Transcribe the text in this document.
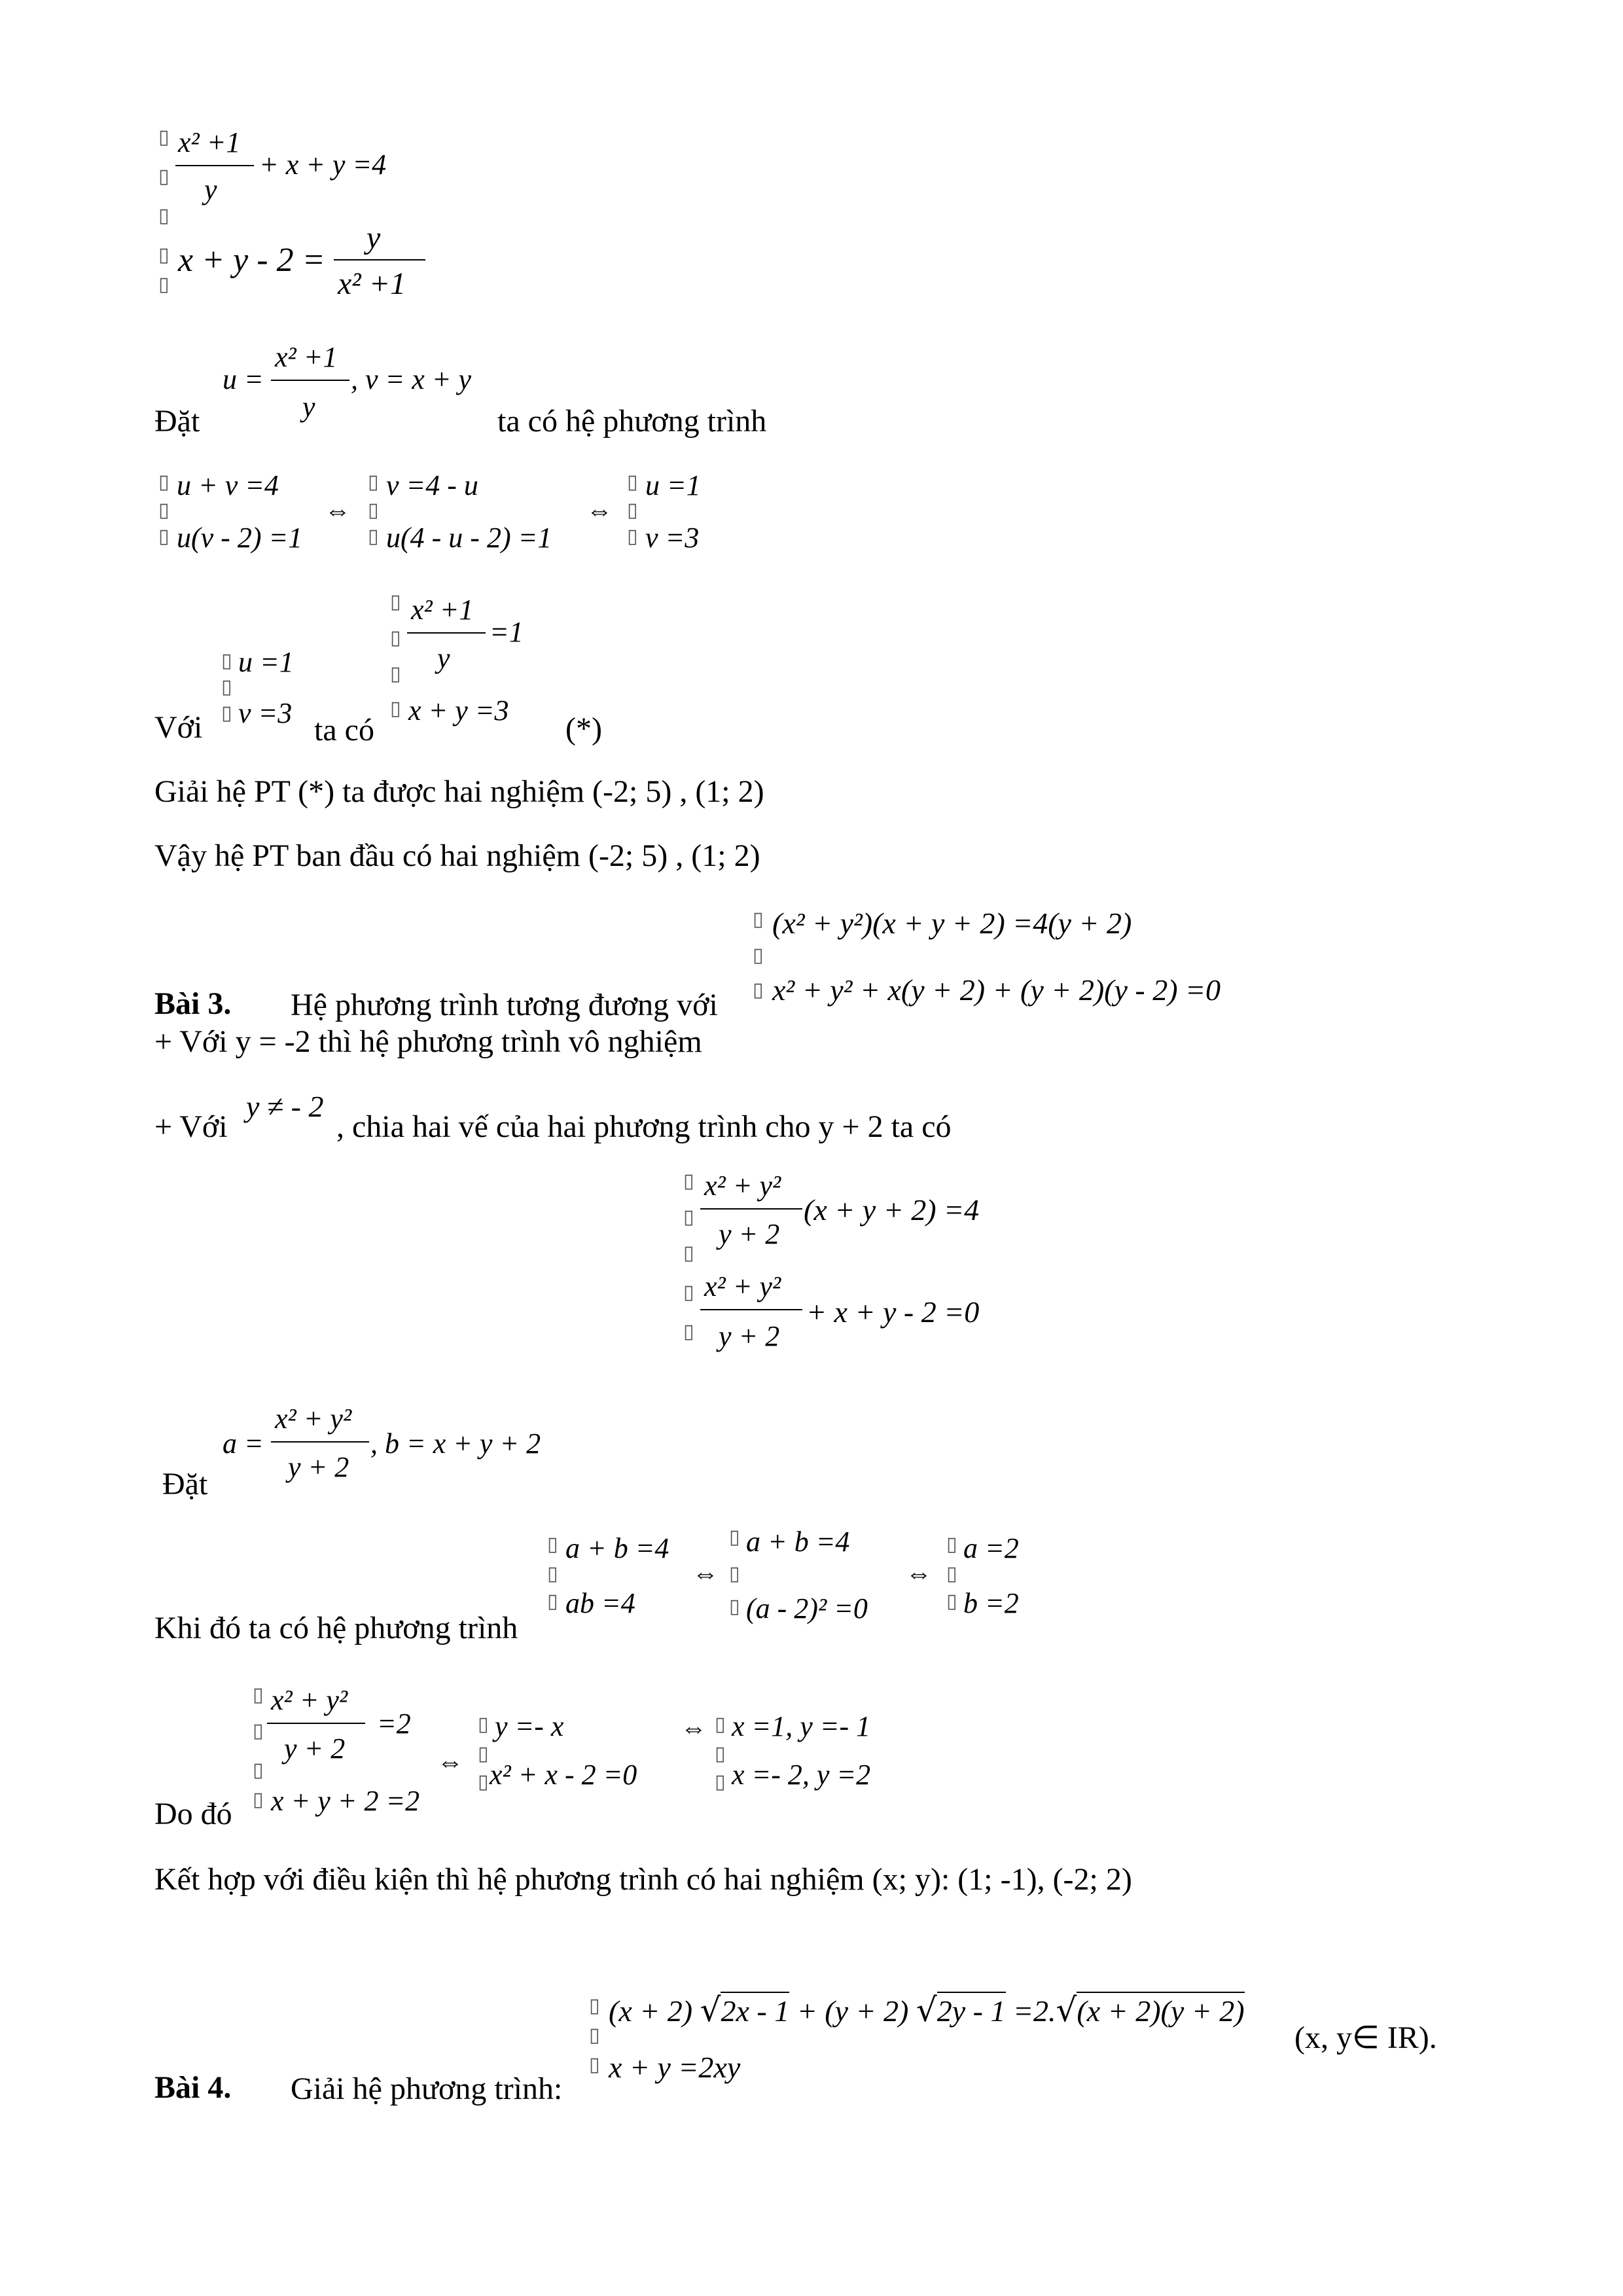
▯
▯
▯
▯
▯
x² +1
y
+ x + y =4
x + y - 2 =
y
x² +1
u =
x² +1
y
, v = x + y
Đặt	ta có hệ phương trình
▯
▯
▯
u + v =4
u(v - 2) =1
⇔
▯
▯
▯
v =4 - u
u(4 - u - 2) =1
⇔
▯
▯
▯
u =1
v =3
▯
▯
▯
u =1
v =3
Với	ta có
▯
▯
▯
▯
x² +1
y
=1
x + y =3
(*)
Giải hệ PT (*) ta được hai nghiệm (-2; 5) , (1; 2)
Vậy hệ PT ban đầu có hai nghiệm (-2; 5) , (1; 2)
▯
▯
▯
(x² + y²)(x + y + 2) =4(y + 2)
x² + y² + x(y + 2) + (y + 2)(y - 2) =0
Bài 3. Hệ phương trình tương đương với
+ Với y = -2 thì hệ phương trình vô nghiệm
+ Với
y ≠ - 2
, chia hai vế của hai phương trình cho y + 2 ta có
▯
▯
▯
▯
▯
x² + y²
y + 2
(x + y + 2) =4
x² + y²
y + 2
+ x + y - 2 =0
a =
x² + y²
y + 2
, b = x + y + 2
Đặt
▯
▯
▯
a + b =4
ab =4
⇔
▯
▯
▯
a + b =4
(a - 2)² =0
⇔
▯
▯
▯
a =2
b =2
Khi đó ta có hệ phương trình
▯
▯
▯
▯
x² + y²
y + 2
=2
x + y + 2 =2
⇔
▯
▯
▯
y =- x
x² + x - 2 =0
⇔ ▯
▯
▯
x =1, y =- 1
x =- 2, y =2
Do đó
Kết hợp với điều kiện thì hệ phương trình có hai nghiệm (x; y): (1; -1), (-2; 2)
▯
▯
▯
(x + 2) √2x - 1 + (y + 2) √2y - 1 =2.√(x + 2)(y + 2)
x + y =2xy
(x, y∈ IR).
Bài 4. Giải hệ phương trình:
